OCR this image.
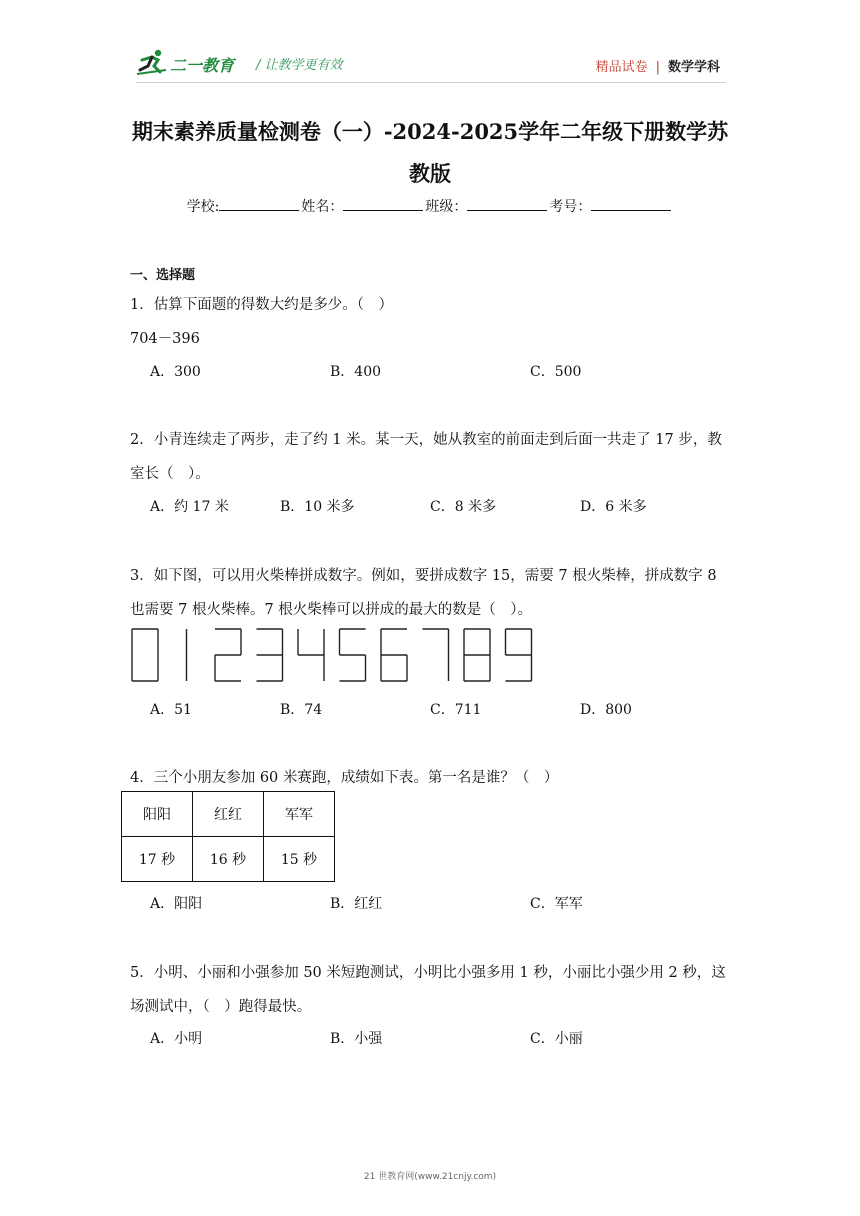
二一教育 / 让教学更有效	精品试卷 | 数学学科
期末素养质量检测卷（一）-2024-2025学年二年级下册数学苏
教版
学校:	姓名：	班级：	考号：
一、选择题
1．估算下面题的得数大约是多少。（　）
704－396
A．300	B．400	C．500
2．小青连续走了两步，走了约 1 米。某一天，她从教室的前面走到后面一共走了 17 步，教
室长（　）。
A．约 17 米	B．10 米多	C．8 米多	D．6 米多
3．如下图，可以用火柴棒拼成数字。例如，要拼成数字 15，需要 7 根火柴棒，拼成数字 8
也需要 7 根火柴棒。7 根火柴棒可以拼成的最大的数是（　）。
A．51	B．74	C．711	D．800
4．三个小朋友参加 60 米赛跑，成绩如下表。第一名是谁？（　）
阳阳	红红	军军
17 秒	16 秒	15 秒
A．阳阳	B．红红	C．军军
5．小明、小丽和小强参加 50 米短跑测试，小明比小强多用 1 秒，小丽比小强少用 2 秒，这
场测试中，（　）跑得最快。
A．小明	B．小强	C．小丽
21 世教育网(www.21cnjy.com)
